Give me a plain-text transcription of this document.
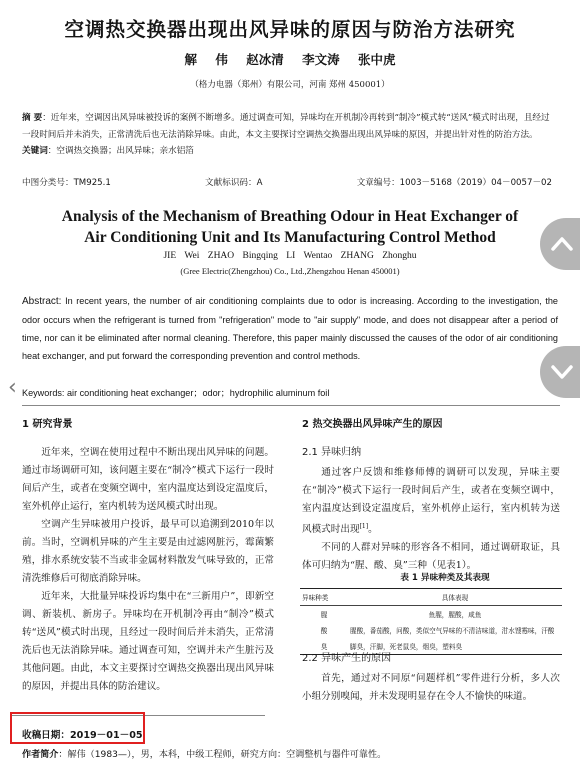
空调热交换器出现出风异味的原因与防治方法研究
解 伟 赵冰清 李文涛 张中虎
（格力电器（郑州）有限公司，河南 郑州 450001）
摘 要：近年来，空调因出风异味被投诉的案例不断增多。通过调查可知，异味均在开机制冷再转到“制冷”模式转“送风”模式时出现，且经过一段时间后并未消失，正常清洗后也无法消除异味。由此，本文主要探讨空调热交换器出现出风异味的原因，并提出针对性的防治方法。
关键词：空调热交换器；出风异味；亲水铝箔
中图分类号：TM925.1	文献标识码：A	文章编号：1003－5168（2019）04－0057－02
Analysis of the Mechanism of Breathing Odour in Heat Exchanger of
Air Conditioning Unit and Its Manufacturing Control Method
JIE Wei ZHAO Bingqing LI Wentao ZHANG Zhonghu
(Gree Electric(Zhengzhou) Co., Ltd.,Zhengzhou Henan 450001)
Abstract: In recent years, the number of air conditioning complaints due to odor is increasing. According to the investigation, the odor occurs when the refrigerant is turned from "refrigeration" mode to "air supply" mode, and does not disappear after a period of time, nor can it be eliminated after normal cleaning. Therefore, this paper mainly discussed the causes of the odor of air conditioning heat exchanger, and put forward the corresponding prevention and control methods.
Keywords: air conditioning heat exchanger；odor；hydrophilic aluminum foil
1 研究背景

近年来，空调在使用过程中不断出现出风异味的问题。通过市场调研可知，该问题主要在“制冷”模式下运行一段时间后产生，或者在变频空调中，室内温度达到设定温度后，室外机停止运行，室内机转为送风模式时出现。

空调产生异味被用户投诉，最早可以追溯到2010年以前。当时，空调机异味的产生主要是由过滤网脏污，霉菌繁殖，排水系统安装不当或非金属材料散发气味导致的，正常清洗维修后可彻底消除异味。

近年来，大批量异味投诉均集中在“三新用户”，即新空调、新装机、新房子。异味均在开机制冷再由“制冷”模式转“送风”模式时出现，且经过一段时间后并未消失，正常清洗后也无法消除异味。通过调查可知，空调并未产生脏污及其他问题。由此，本文主要探讨空调热交换器出现出风异味的原因，并提出具体的防治建议。

2 热交换器出风异味产生的原因
2.1 异味归纳

通过客户反馈和维修师傅的调研可以发现，异味主要在“制冷”模式下运行一段时间后产生，或者在变频空调中，室内温度达到设定温度后，室外机停止运行，室内机转为送风模式时出现[1]。

不同的人群对异味的形容各不相同，通过调研取证，具体可归纳为“腥、酸、臭”三种（见表1）。

表 1 异味种类及其表现
异味种类	具体表现
腥	鱼腥，腥酸，咸鱼
酸	腥酸，番茄酸，问酸，类似空气异味的不清洁味道，泔水馊霉味，汗酸
臭	脚臭，汗脚，死老鼠臭，烟臭，塑料臭
2.2 异味产生的原因

首先，通过对不同原“问题样机”零件进行分析，多人次小组分别嗅闻，并未发现明显存在令人不愉快的味道。

收稿日期：2019－01－05
作者简介：解伟（1983—），男，本科，中级工程师，研究方向：空调整机与器件可靠性。
‹
